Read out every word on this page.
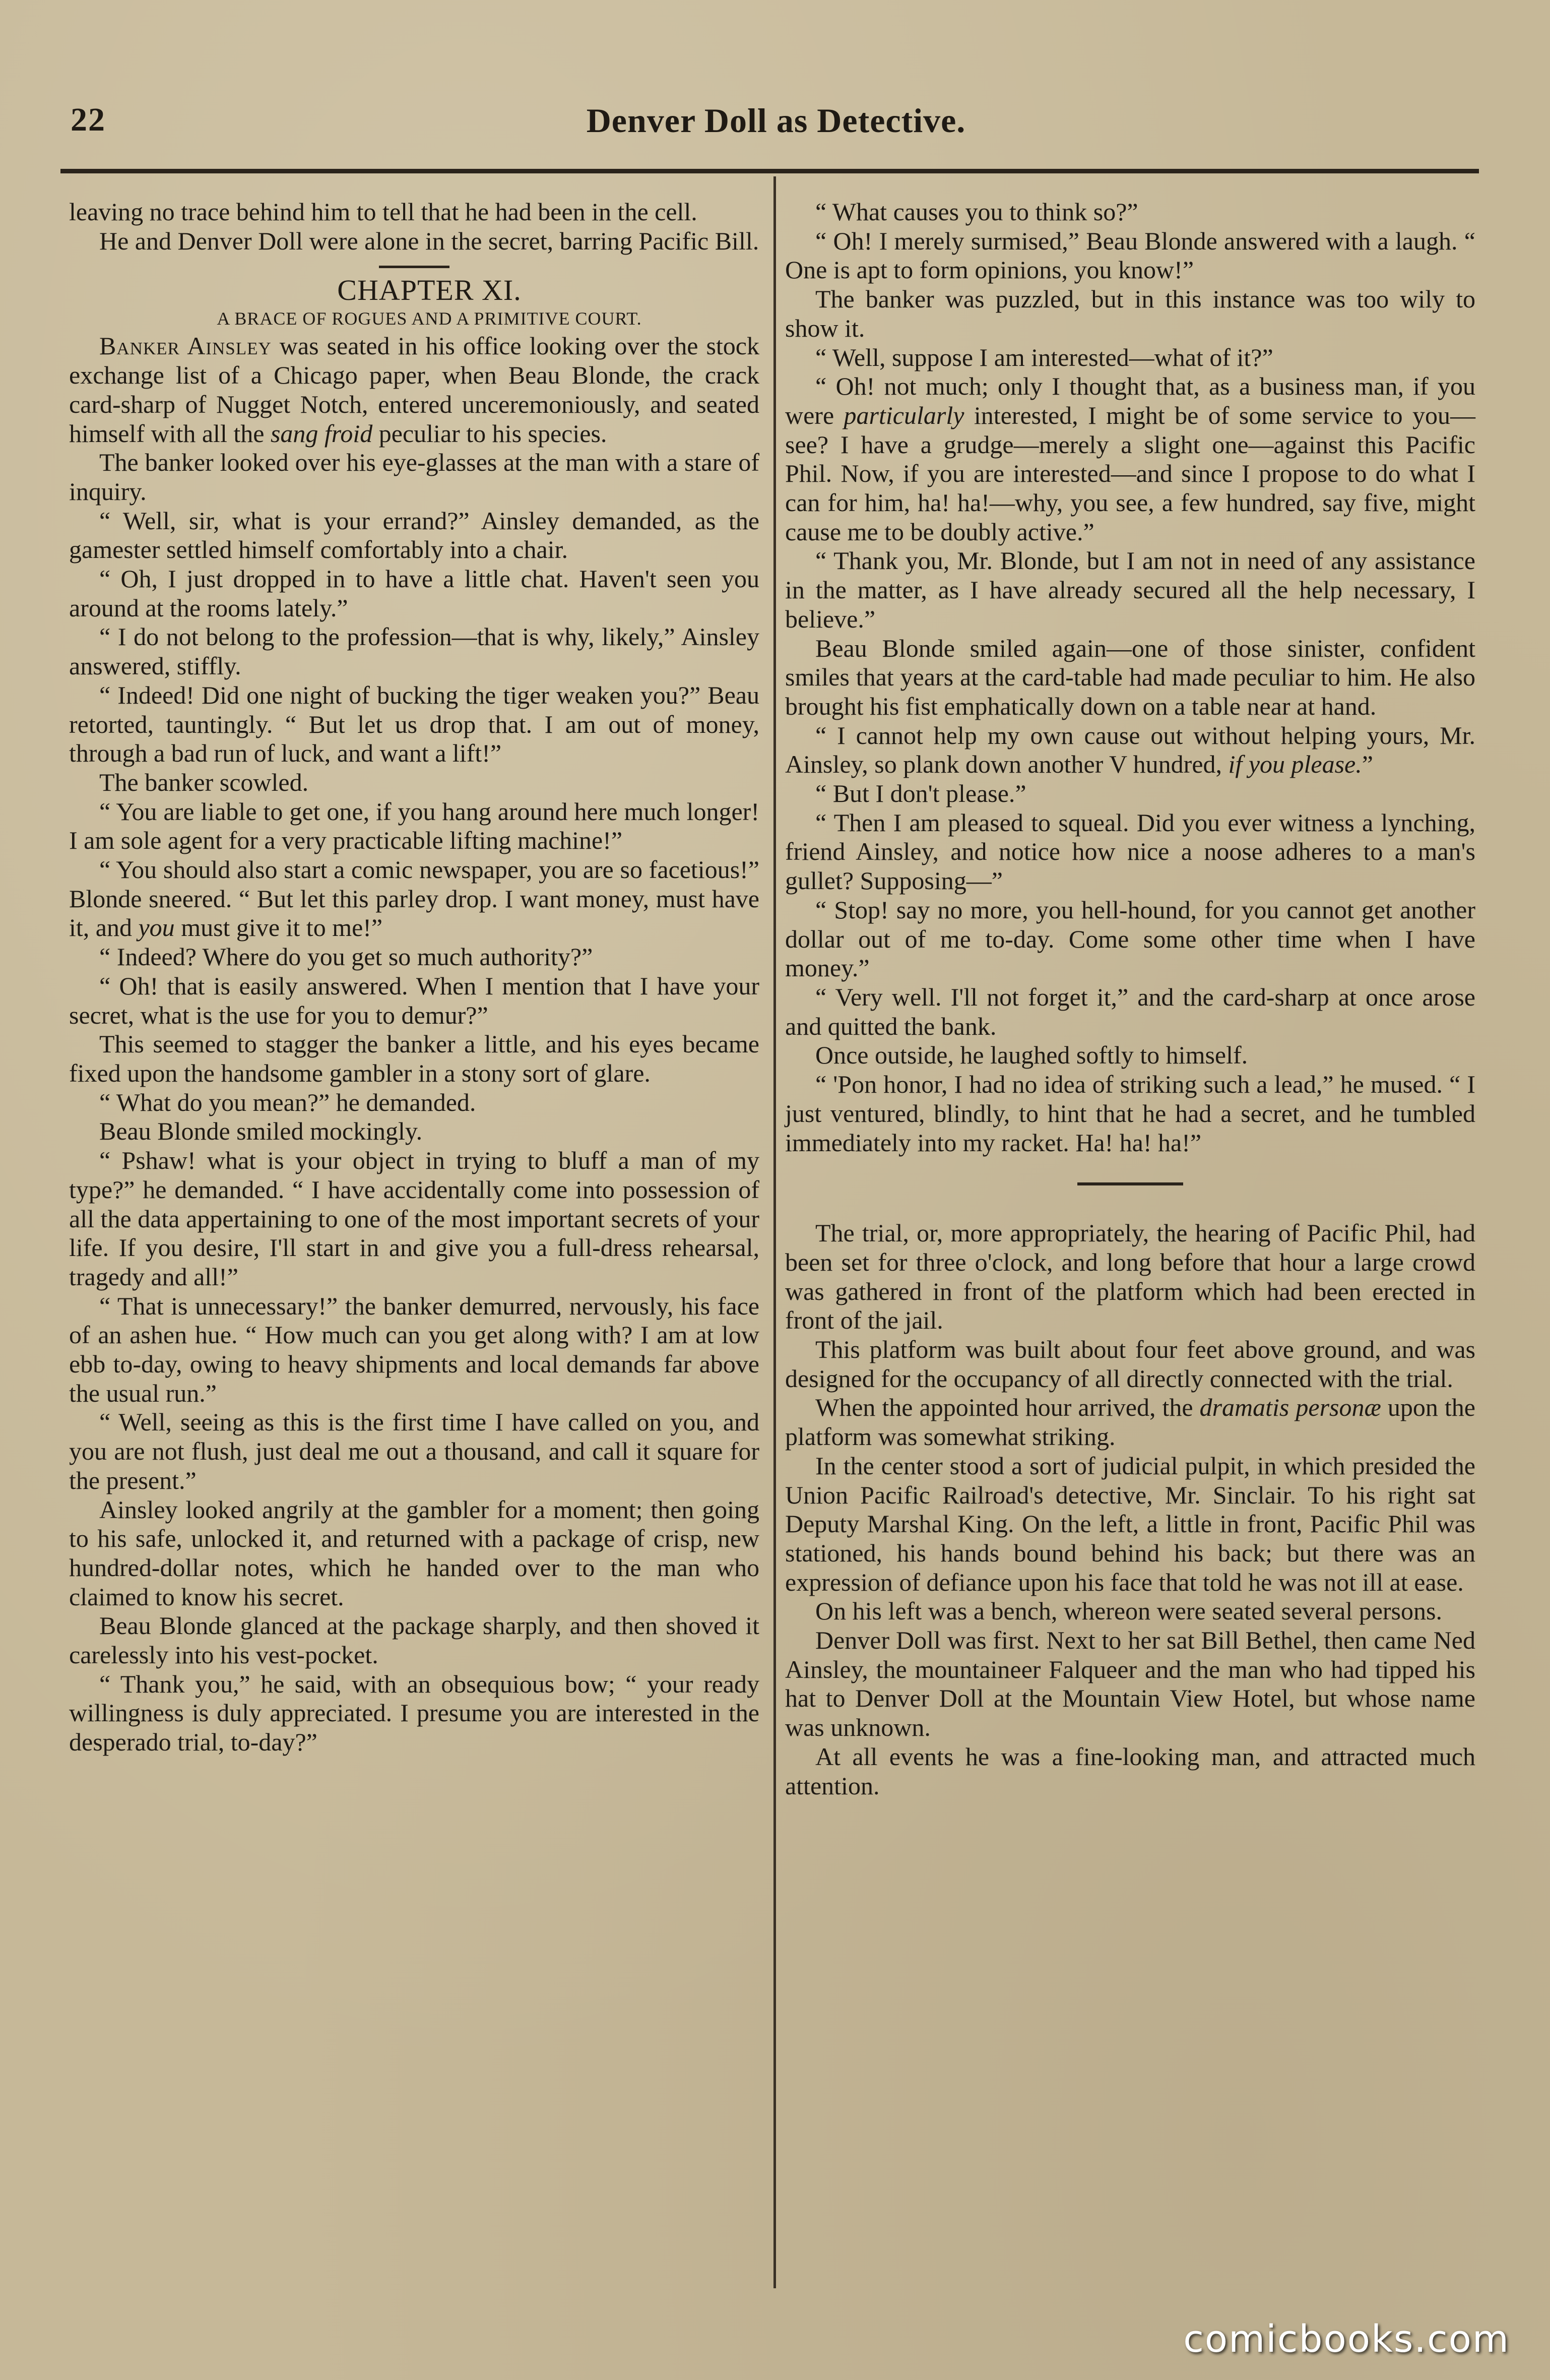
22	Denver Doll as Detective.

leaving no trace behind him to tell that he had been in the cell.

He and Denver Doll were alone in the secret, barring Pacific Bill.

CHAPTER XI.

A BRACE OF ROGUES AND A PRIMITIVE COURT.

Banker Ainsley was seated in his office looking over the stock exchange list of a Chicago paper, when Beau Blonde, the crack card-sharp of Nugget Notch, entered unceremoniously, and seated himself with all the sang froid peculiar to his species.

The banker looked over his eye-glasses at the man with a stare of inquiry.

“ Well, sir, what is your errand?” Ainsley demanded, as the gamester settled himself comfortably into a chair.

“ Oh, I just dropped in to have a little chat. Haven't seen you around at the rooms lately.”

“ I do not belong to the profession—that is why, likely,” Ainsley answered, stiffly.

“ Indeed! Did one night of bucking the tiger weaken you?” Beau retorted, tauntingly. “ But let us drop that. I am out of money, through a bad run of luck, and want a lift!”

The banker scowled.

“ You are liable to get one, if you hang around here much longer! I am sole agent for a very practicable lifting machine!”

“ You should also start a comic newspaper, you are so facetious!” Blonde sneered. “ But let this parley drop. I want money, must have it, and you must give it to me!”

“ Indeed? Where do you get so much authority?”

“ Oh! that is easily answered. When I mention that I have your secret, what is the use for you to demur?”

This seemed to stagger the banker a little, and his eyes became fixed upon the handsome gambler in a stony sort of glare.

“ What do you mean?” he demanded.

Beau Blonde smiled mockingly.

“ Pshaw! what is your object in trying to bluff a man of my type?” he demanded. “ I have accidentally come into possession of all the data appertaining to one of the most important secrets of your life. If you desire, I'll start in and give you a full-dress rehearsal, tragedy and all!”

“ That is unnecessary!” the banker demurred, nervously, his face of an ashen hue. “ How much can you get along with? I am at low ebb to-day, owing to heavy shipments and local demands far above the usual run.”

“ Well, seeing as this is the first time I have called on you, and you are not flush, just deal me out a thousand, and call it square for the present.”

Ainsley looked angrily at the gambler for a moment; then going to his safe, unlocked it, and returned with a package of crisp, new hundred-dollar notes, which he handed over to the man who claimed to know his secret.

Beau Blonde glanced at the package sharply, and then shoved it carelessly into his vest-pocket.

“ Thank you,” he said, with an obsequious bow; “ your ready willingness is duly appreciated. I presume you are interested in the desperado trial, to-day?”

“ What causes you to think so?”

“ Oh! I merely surmised,” Beau Blonde answered with a laugh. “ One is apt to form opinions, you know!”

The banker was puzzled, but in this instance was too wily to show it.

“ Well, suppose I am interested—what of it?”

“ Oh! not much; only I thought that, as a business man, if you were particularly interested, I might be of some service to you—see? I have a grudge—merely a slight one—against this Pacific Phil. Now, if you are interested—and since I propose to do what I can for him, ha! ha!—why, you see, a few hundred, say five, might cause me to be doubly active.”

“ Thank you, Mr. Blonde, but I am not in need of any assistance in the matter, as I have already secured all the help necessary, I believe.”

Beau Blonde smiled again—one of those sinister, confident smiles that years at the card-table had made peculiar to him. He also brought his fist emphatically down on a table near at hand.

“ I cannot help my own cause out without helping yours, Mr. Ainsley, so plank down another V hundred, if you please.”

“ But I don't please.”

“ Then I am pleased to squeal. Did you ever witness a lynching, friend Ainsley, and notice how nice a noose adheres to a man's gullet? Supposing—”

“ Stop! say no more, you hell-hound, for you cannot get another dollar out of me to-day. Come some other time when I have money.”

“ Very well. I'll not forget it,” and the card-sharp at once arose and quitted the bank.

Once outside, he laughed softly to himself.

“ 'Pon honor, I had no idea of striking such a lead,” he mused. “ I just ventured, blindly, to hint that he had a secret, and he tumbled immediately into my racket. Ha! ha! ha!”

The trial, or, more appropriately, the hearing of Pacific Phil, had been set for three o'clock, and long before that hour a large crowd was gathered in front of the platform which had been erected in front of the jail.

This platform was built about four feet above ground, and was designed for the occupancy of all directly connected with the trial.

When the appointed hour arrived, the dramatis personæ upon the platform was somewhat striking.

In the center stood a sort of judicial pulpit, in which presided the Union Pacific Railroad's detective, Mr. Sinclair. To his right sat Deputy Marshal King. On the left, a little in front, Pacific Phil was stationed, his hands bound behind his back; but there was an expression of defiance upon his face that told he was not ill at ease.

On his left was a bench, whereon were seated several persons.

Denver Doll was first. Next to her sat Bill Bethel, then came Ned Ainsley, the mountaineer Falqueer and the man who had tipped his hat to Denver Doll at the Mountain View Hotel, but whose name was unknown.

At all events he was a fine-looking man, and attracted much attention.

comicbooks.com
